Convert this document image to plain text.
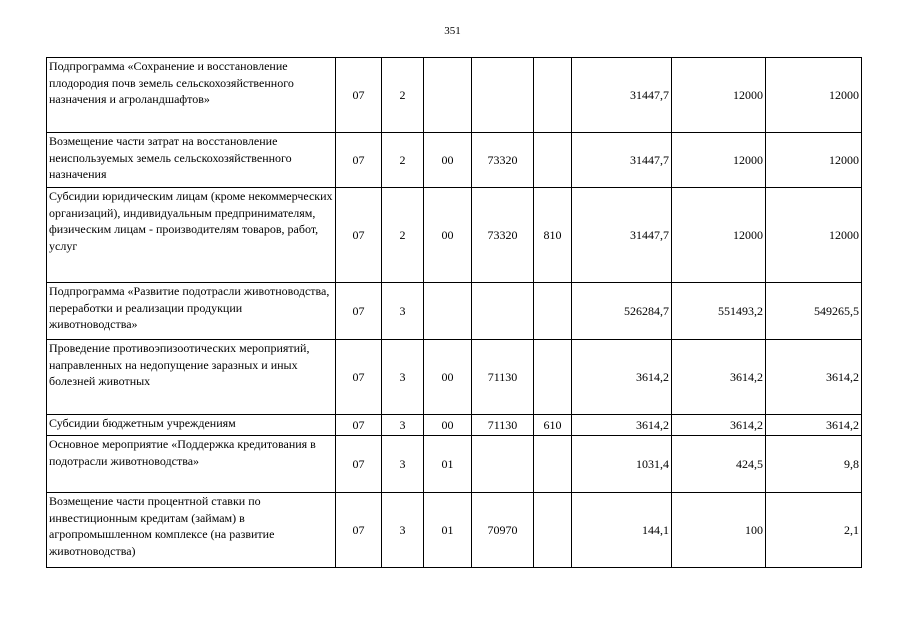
351
Подпрограмма «Сохранение и восстановление плодородия почв земель сельскохозяйственного назначения и агроландшафтов»	07	2				31447,7	12000	12000
Возмещение части затрат на восстановление неиспользуемых земель сельскохозяйственного назначения	07	2	00	73320		31447,7	12000	12000
Субсидии юридическим лицам (кроме некоммерческих организаций), индивидуальным предпринимателям, физическим лицам - производителям товаров, работ, услуг	07	2	00	73320	810	31447,7	12000	12000
Подпрограмма «Развитие подотрасли животноводства, переработки и реализации продукции животноводства»	07	3				526284,7	551493,2	549265,5
Проведение противоэпизоотических мероприятий, направленных на недопущение заразных и иных болезней животных	07	3	00	71130		3614,2	3614,2	3614,2
Субсидии бюджетным учреждениям	07	3	00	71130	610	3614,2	3614,2	3614,2
Основное мероприятие «Поддержка кредитования в подотрасли животноводства»	07	3	01			1031,4	424,5	9,8
Возмещение части процентной ставки по инвестиционным кредитам (займам) в агропромышленном комплексе (на развитие животноводства)	07	3	01	70970		144,1	100	2,1
